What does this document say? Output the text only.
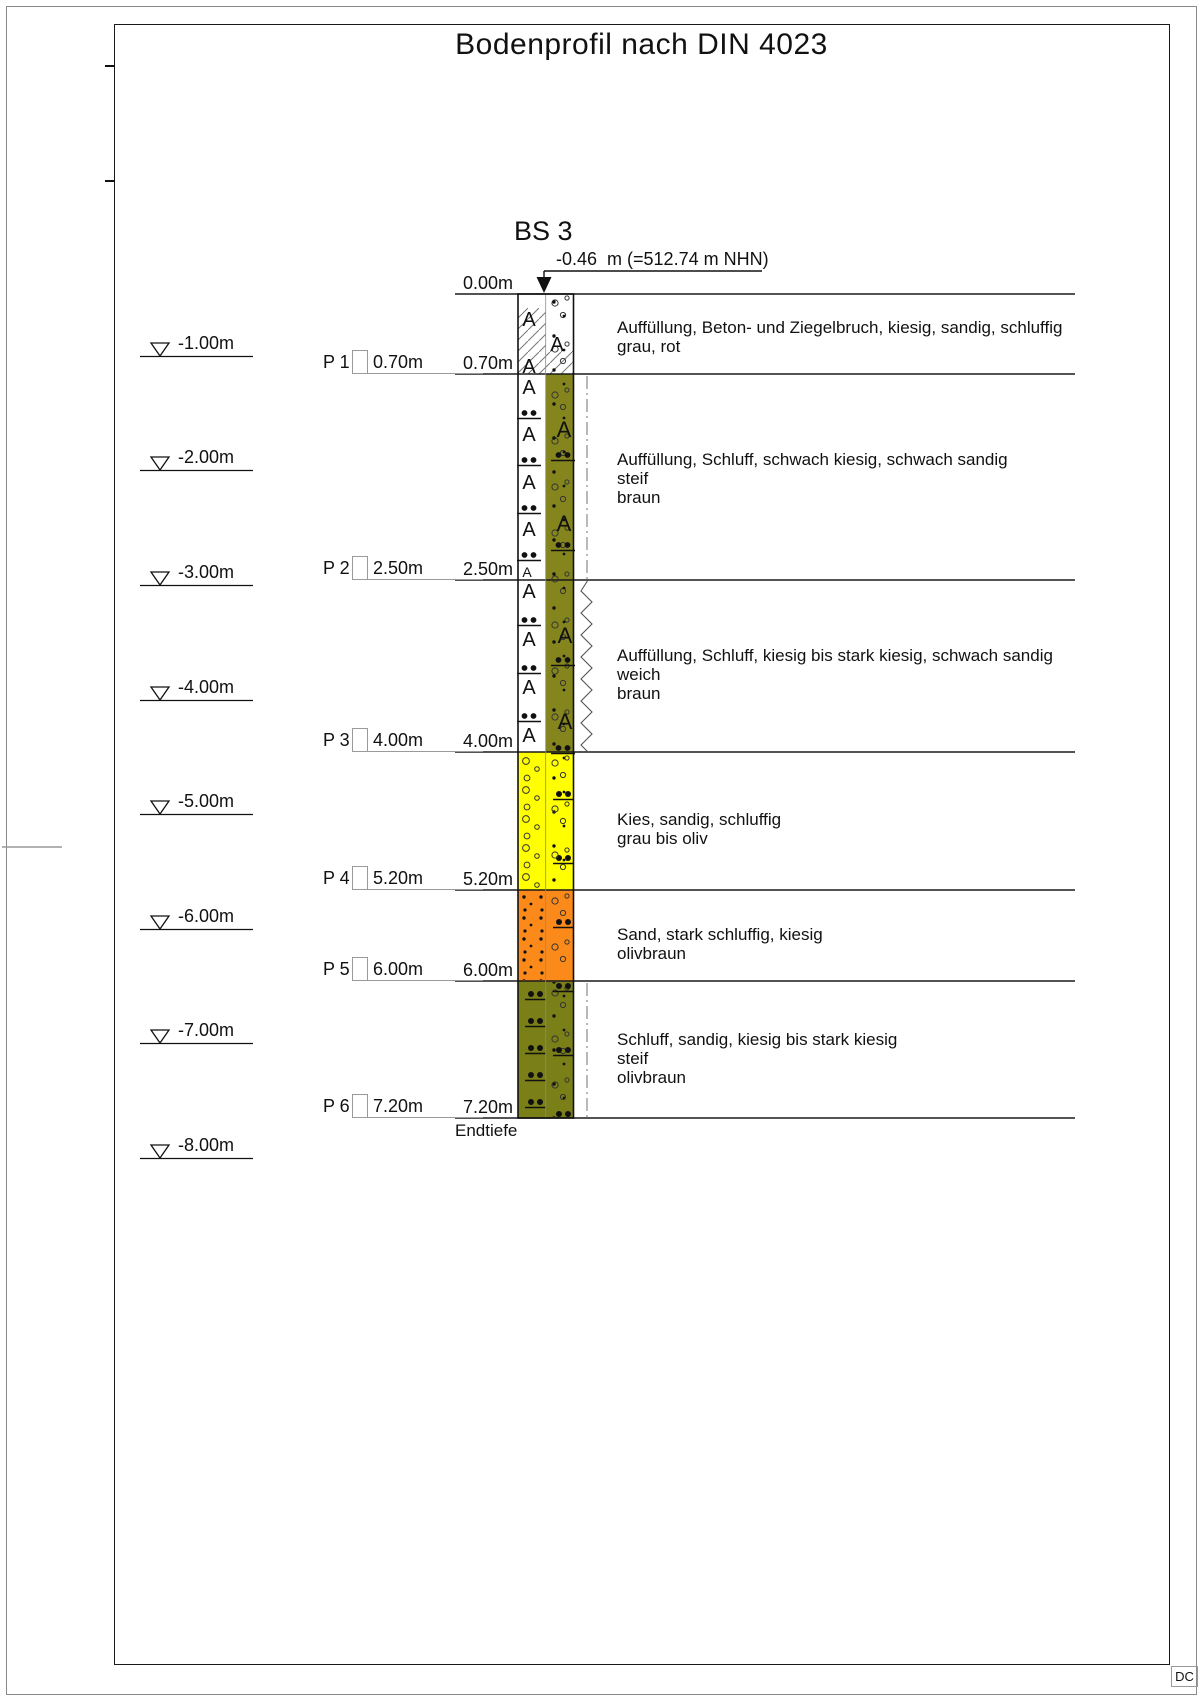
A
A
A
A
A
A
A
A
A
A
A
A
A
A
A
A
Bodenprofil nach DIN 4023
BS 3
-0.46  m (=512.74 m NHN)
0.00m
0.70m
2.50m
4.00m
5.20m
6.00m
7.20m
Endtiefe
P 1 0.70m
P 2 2.50m
P 3 4.00m
P 4 5.20m
P 5 6.00m
P 6 7.20m
-1.00m
-2.00m
-3.00m
-4.00m
-5.00m
-6.00m
-7.00m
-8.00m
Auffüllung, Beton- und Ziegelbruch, kiesig, sandig, schluffig
grau, rot
Auffüllung, Schluff, schwach kiesig, schwach sandig
steif
braun
Auffüllung, Schluff, kiesig bis stark kiesig, schwach sandig
weich
braun
Kies, sandig, schluffig
grau bis oliv
Sand, stark schluffig, kiesig
olivbraun
Schluff, sandig, kiesig bis stark kiesig
steif
olivbraun
DC
